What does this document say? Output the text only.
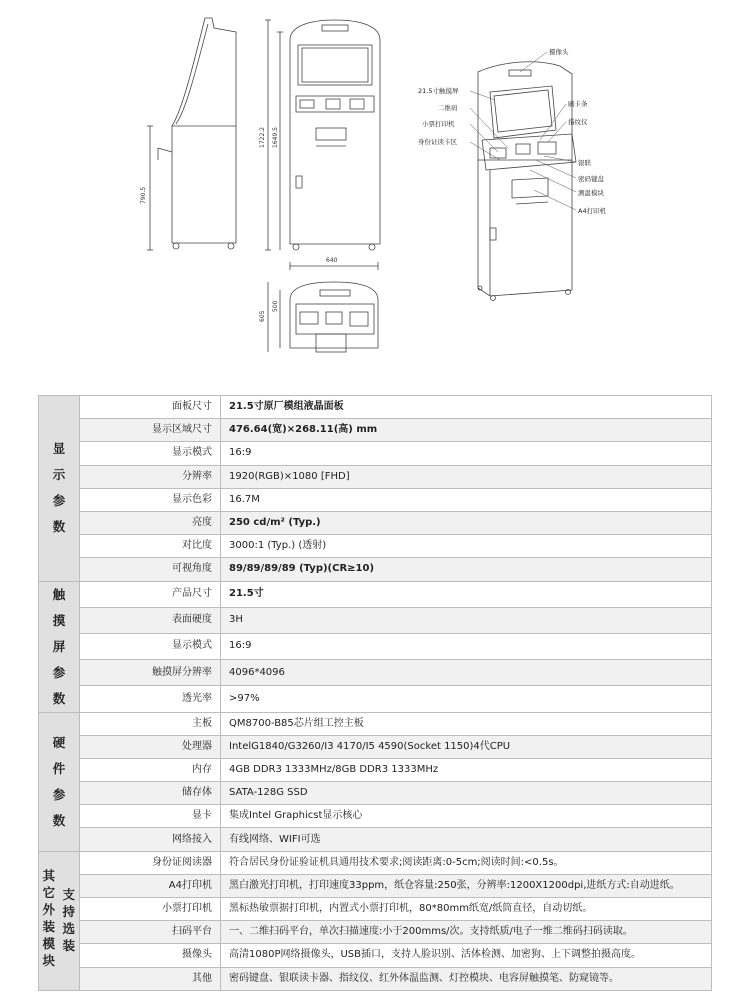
790.5
1722.2 1649.5
640
605
500
摄像头
21.5寸触摸屏
二维码
小票打印机
身份证读卡区
刷卡条
指纹仪
银联
密码键盘
测温模块
A4打印机
显示参数		面板尺寸	21.5寸原厂模组液晶面板
		显示区域尺寸	476.64(宽)×268.11(高) mm
		显示模式	16:9
		分辨率	1920(RGB)×1080 [FHD]
		显示色彩	16.7M
		亮度	250 cd/m² (Typ.)
		对比度	3000:1 (Typ.) (透射)
		可视角度	89/89/89/89 (Typ)(CR≥10)
触摸屏参数		产品尺寸	21.5寸
		表面硬度	3H
		显示模式	16:9
		触摸屏分辨率	4096*4096
		透光率	>97%
硬件参数		主板	QM8700-B85芯片组工控主板
		处理器	IntelG1840/G3260/I3 4170/I5 4590(Socket 1150)4代CPU
		内存	4GB DDR3 1333MHz/8GB DDR3 1333MHz
		储存体	SATA-128G SSD
		显卡	集成Intel Graphicst显示核心
		网络接入	有线网络、WIFI可选
其它外装模块	支持选装	身份证阅读器	符合居民身份证验证机具通用技术要求;阅读距离:0-5cm;阅读时间:<0.5s。
		A4打印机	黑白激光打印机，打印速度33ppm，纸仓容量:250张，分辨率:1200X1200dpi,进纸方式:自动进纸。
		小票打印机	黑标热敏票据打印机，内置式小票打印机，80*80mm纸宽/纸筒直径，自动切纸。
		扫码平台	一、二维扫码平台，单次扫描速度:小于200mms/次。支持纸质/电子一维二维码扫码读取。
		摄像头	高清1080P网络摄像头，USB插口，支持人脸识别、活体检测、加密狗、上下调整拍摄高度。
		其他	密码键盘、银联读卡器、指纹仪、红外体温监测、灯控模块、电容屏触摸笔、防窥镜等。
